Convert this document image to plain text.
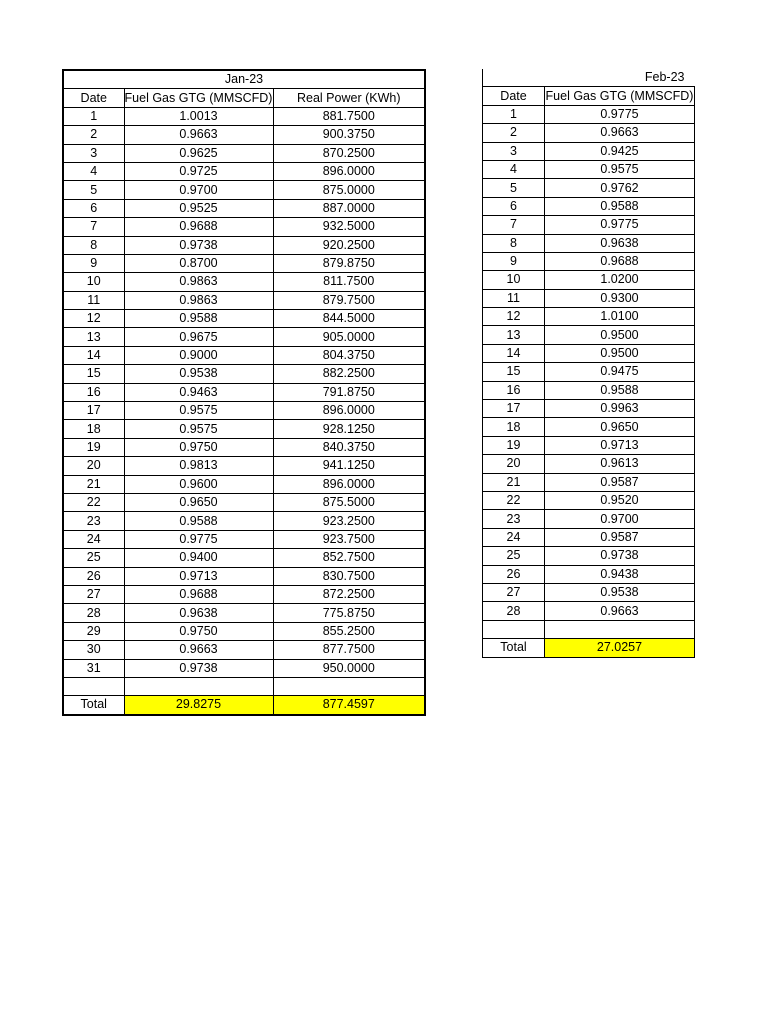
Jan-23		
Date	Fuel Gas GTG (MMSCFD)	Real Power (KWh)
1	1.0013	881.7500
2	0.9663	900.3750
3	0.9625	870.2500
4	0.9725	896.0000
5	0.9700	875.0000
6	0.9525	887.0000
7	0.9688	932.5000
8	0.9738	920.2500
9	0.8700	879.8750
10	0.9863	811.7500
11	0.9863	879.7500
12	0.9588	844.5000
13	0.9675	905.0000
14	0.9000	804.3750
15	0.9538	882.2500
16	0.9463	791.8750
17	0.9575	896.0000
18	0.9575	928.1250
19	0.9750	840.3750
20	0.9813	941.1250
21	0.9600	896.0000
22	0.9650	875.5000
23	0.9588	923.2500
24	0.9775	923.7500
25	0.9400	852.7500
26	0.9713	830.7500
27	0.9688	872.2500
28	0.9638	775.8750
29	0.9750	855.2500
30	0.9663	877.7500
31	0.9738	950.0000

Total	29.8275	877.4597
	Feb-23
Date	Fuel Gas GTG (MMSCFD)
1	0.9775
2	0.9663
3	0.9425
4	0.9575
5	0.9762
6	0.9588
7	0.9775
8	0.9638
9	0.9688
10	1.0200
11	0.9300
12	1.0100
13	0.9500
14	0.9500
15	0.9475
16	0.9588
17	0.9963
18	0.9650
19	0.9713
20	0.9613
21	0.9587
22	0.9520
23	0.9700
24	0.9587
25	0.9738
26	0.9438
27	0.9538
28	0.9663

Total	27.0257
